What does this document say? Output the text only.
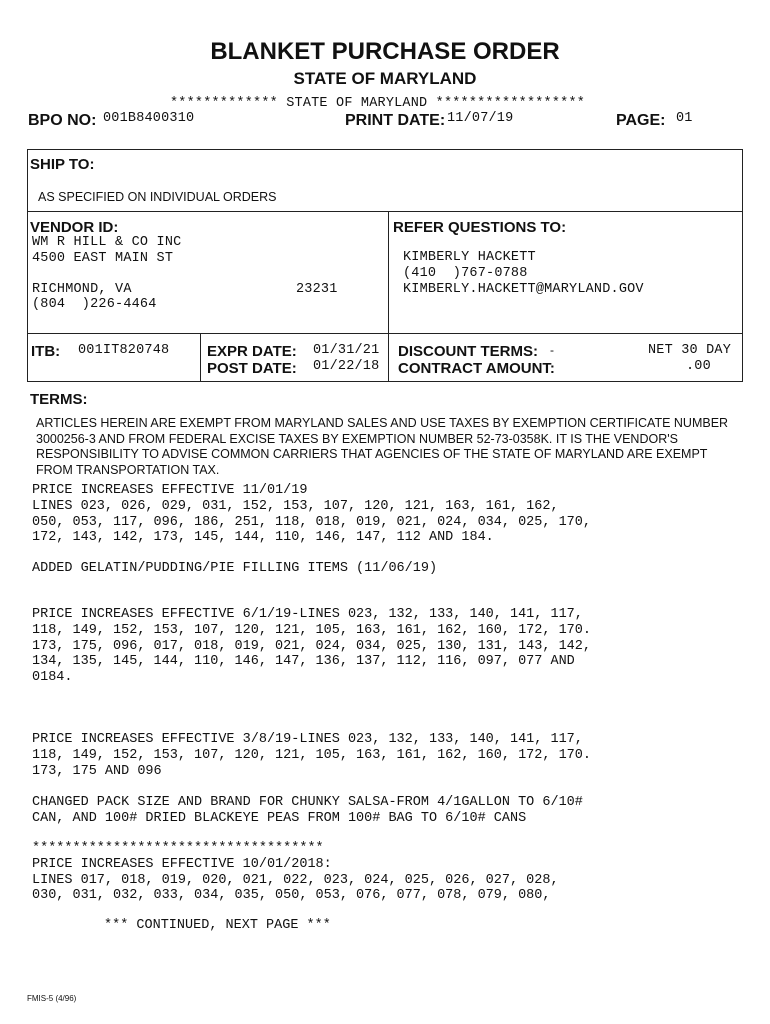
BLANKET PURCHASE ORDER
STATE OF MARYLAND
************* STATE OF MARYLAND ******************
BPO NO: 001B8400310	PRINT DATE: 11/07/19	PAGE: 01
SHIP TO:
AS SPECIFIED ON INDIVIDUAL ORDERS
VENDOR ID:
WM R HILL & CO INC
4500 EAST MAIN ST
RICHMOND, VA	23231
(804  )226-4464
REFER QUESTIONS TO:
KIMBERLY HACKETT
(410  )767-0788
KIMBERLY.HACKETT@MARYLAND.GOV
ITB: 001IT820748	EXPR DATE: 01/31/21
POST DATE: 01/22/18
DISCOUNT TERMS: -	NET 30 DAY
CONTRACT AMOUNT:	.00
TERMS:
ARTICLES HEREIN ARE EXEMPT FROM MARYLAND SALES AND USE TAXES BY EXEMPTION CERTIFICATE NUMBER 3000256-3 AND FROM FEDERAL EXCISE TAXES BY EXEMPTION NUMBER 52-73-0358K. IT IS THE VENDOR'S RESPONSIBILITY TO ADVISE COMMON CARRIERS THAT AGENCIES OF THE STATE OF MARYLAND ARE EXEMPT FROM TRANSPORTATION TAX.
PRICE INCREASES EFFECTIVE 11/01/19
LINES 023, 026, 029, 031, 152, 153, 107, 120, 121, 163, 161, 162,
050, 053, 117, 096, 186, 251, 118, 018, 019, 021, 024, 034, 025, 170,
172, 143, 142, 173, 145, 144, 110, 146, 147, 112 AND 184.
ADDED GELATIN/PUDDING/PIE FILLING ITEMS (11/06/19)
PRICE INCREASES EFFECTIVE 6/1/19-LINES 023, 132, 133, 140, 141, 117,
118, 149, 152, 153, 107, 120, 121, 105, 163, 161, 162, 160, 172, 170.
173, 175, 096, 017, 018, 019, 021, 024, 034, 025, 130, 131, 143, 142,
134, 135, 145, 144, 110, 146, 147, 136, 137, 112, 116, 097, 077 AND
0184.
PRICE INCREASES EFFECTIVE 3/8/19-LINES 023, 132, 133, 140, 141, 117,
118, 149, 152, 153, 107, 120, 121, 105, 163, 161, 162, 160, 172, 170.
173, 175 AND 096
CHANGED PACK SIZE AND BRAND FOR CHUNKY SALSA-FROM 4/1GALLON TO 6/10#
CAN, AND 100# DRIED BLACKEYE PEAS FROM 100# BAG TO 6/10# CANS
************************************
PRICE INCREASES EFFECTIVE 10/01/2018:
LINES 017, 018, 019, 020, 021, 022, 023, 024, 025, 026, 027, 028,
030, 031, 032, 033, 034, 035, 050, 053, 076, 077, 078, 079, 080,
*** CONTINUED, NEXT PAGE ***
FMIS-5 (4/96)
